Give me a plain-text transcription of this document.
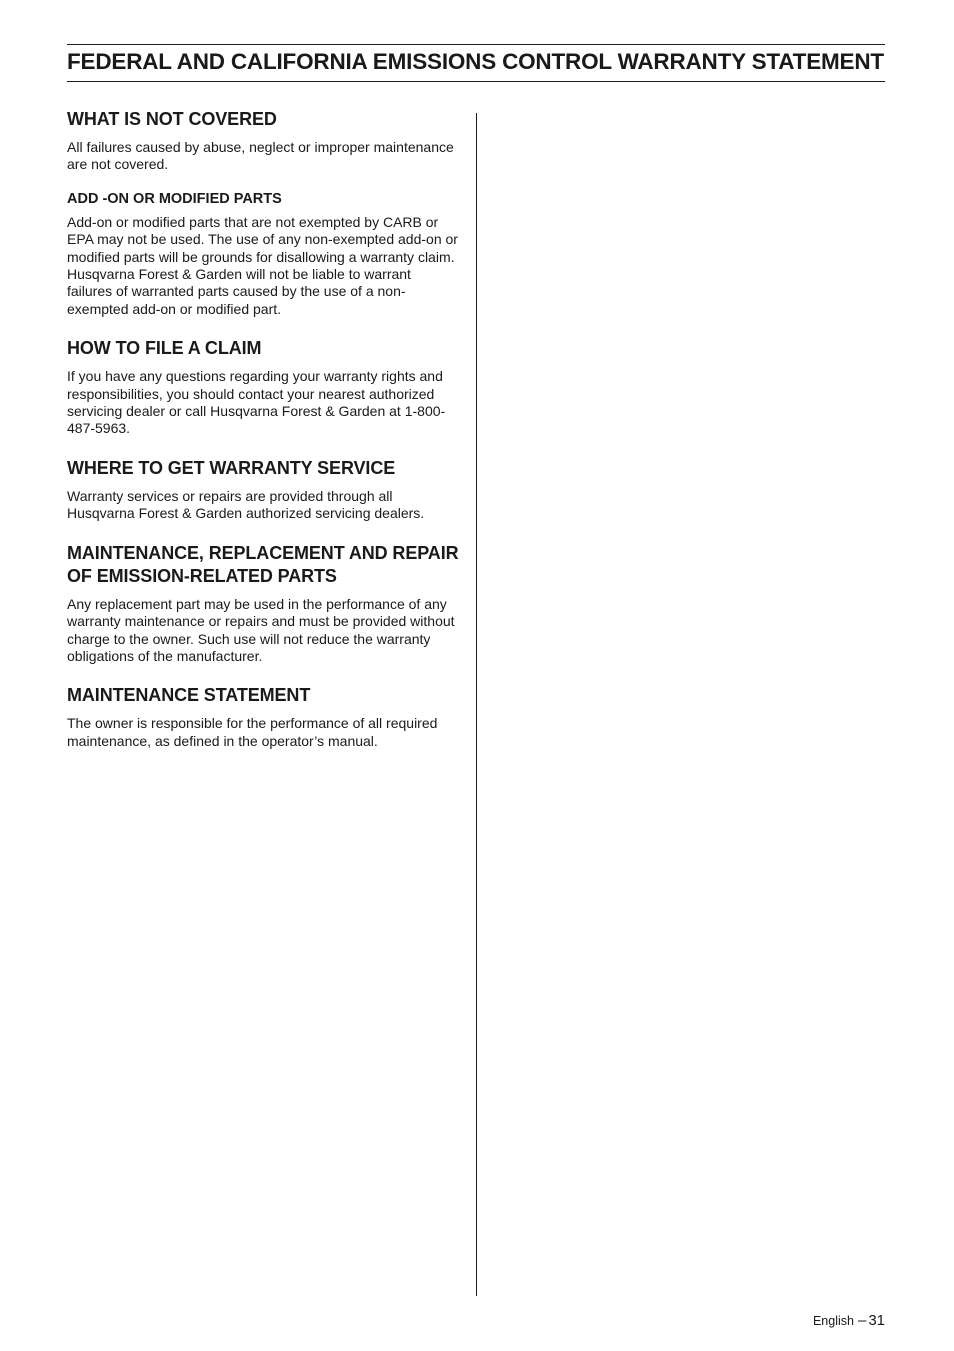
FEDERAL AND CALIFORNIA EMISSIONS CONTROL WARRANTY STATEMENT
WHAT IS NOT COVERED

All failures caused by abuse, neglect or improper maintenance are not covered.

ADD -ON OR MODIFIED PARTS

Add-on or modified parts that are not exempted by CARB or EPA may not be used. The use of any non-exempted add-on or modified parts will be grounds for disallowing a warranty claim. Husqvarna Forest & Garden will not be liable to warrant failures of warranted parts caused by the use of a non-exempted add-on or modified part.

HOW TO FILE A CLAIM

If you have any questions regarding your warranty rights and responsibilities, you should contact your nearest authorized servicing dealer or call Husqvarna Forest & Garden at 1-800-487-5963.

WHERE TO GET WARRANTY SERVICE

Warranty services or repairs are provided through all Husqvarna Forest & Garden authorized servicing dealers.

MAINTENANCE, REPLACEMENT AND REPAIR OF EMISSION-RELATED PARTS

Any replacement part may be used in the performance of any warranty maintenance or repairs and must be provided without charge to the owner. Such use will not reduce the warranty obligations of the manufacturer.

MAINTENANCE STATEMENT

The owner is responsible for the performance of all required maintenance, as defined in the operator’s manual.

English – 31
